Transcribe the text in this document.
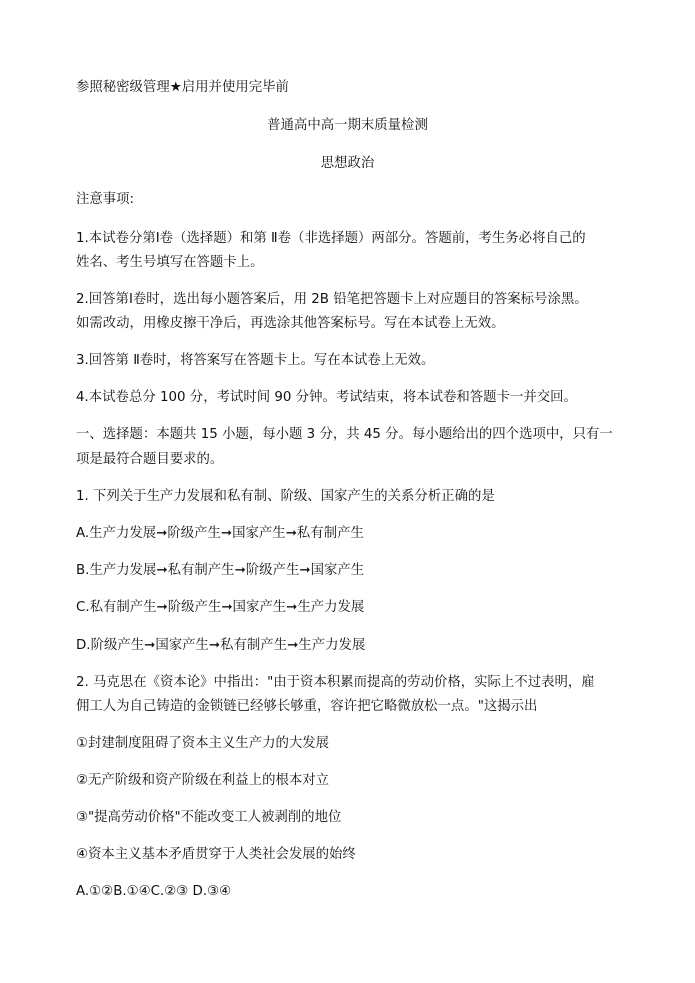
参照秘密级管理★启用并使用完毕前
普通高中高一期末质量检测
思想政治
注意事项:
1.本试卷分第Ⅰ卷（选择题）和第 Ⅱ卷（非选择题）两部分。答题前，考生务必将自己的
姓名、考生号填写在答题卡上。
2.回答第Ⅰ卷时，选出每小题答案后，用 2B 铅笔把答题卡上对应题目的答案标号涂黑。
如需改动，用橡皮擦干净后，再选涂其他答案标号。写在本试卷上无效。
3.回答第 Ⅱ卷时，将答案写在答题卡上。写在本试卷上无效。
4.本试卷总分 100 分，考试时间 90 分钟。考试结束，将本试卷和答题卡一并交回。
一、选择题：本题共 15 小题，每小题 3 分，共 45 分。每小题给出的四个选项中，只有一
项是最符合题目要求的。
1. 下列关于生产力发展和私有制、阶级、国家产生的关系分析正确的是
A.生产力发展➞阶级产生➞国家产生➞私有制产生
B.生产力发展➞私有制产生➞阶级产生➞国家产生
C.私有制产生➞阶级产生➞国家产生➞生产力发展
D.阶级产生➞国家产生➞私有制产生➞生产力发展
2. 马克思在《资本论》中指出："由于资本积累而提高的劳动价格，实际上不过表明，雇
佣工人为自己铸造的金锁链已经够长够重，容许把它略微放松一点。"这揭示出
①封建制度阻碍了资本主义生产力的大发展
②无产阶级和资产阶级在利益上的根本对立
③"提高劳动价格"不能改变工人被剥削的地位
④资本主义基本矛盾贯穿于人类社会发展的始终
A.①②B.①④C.②③ D.③④
